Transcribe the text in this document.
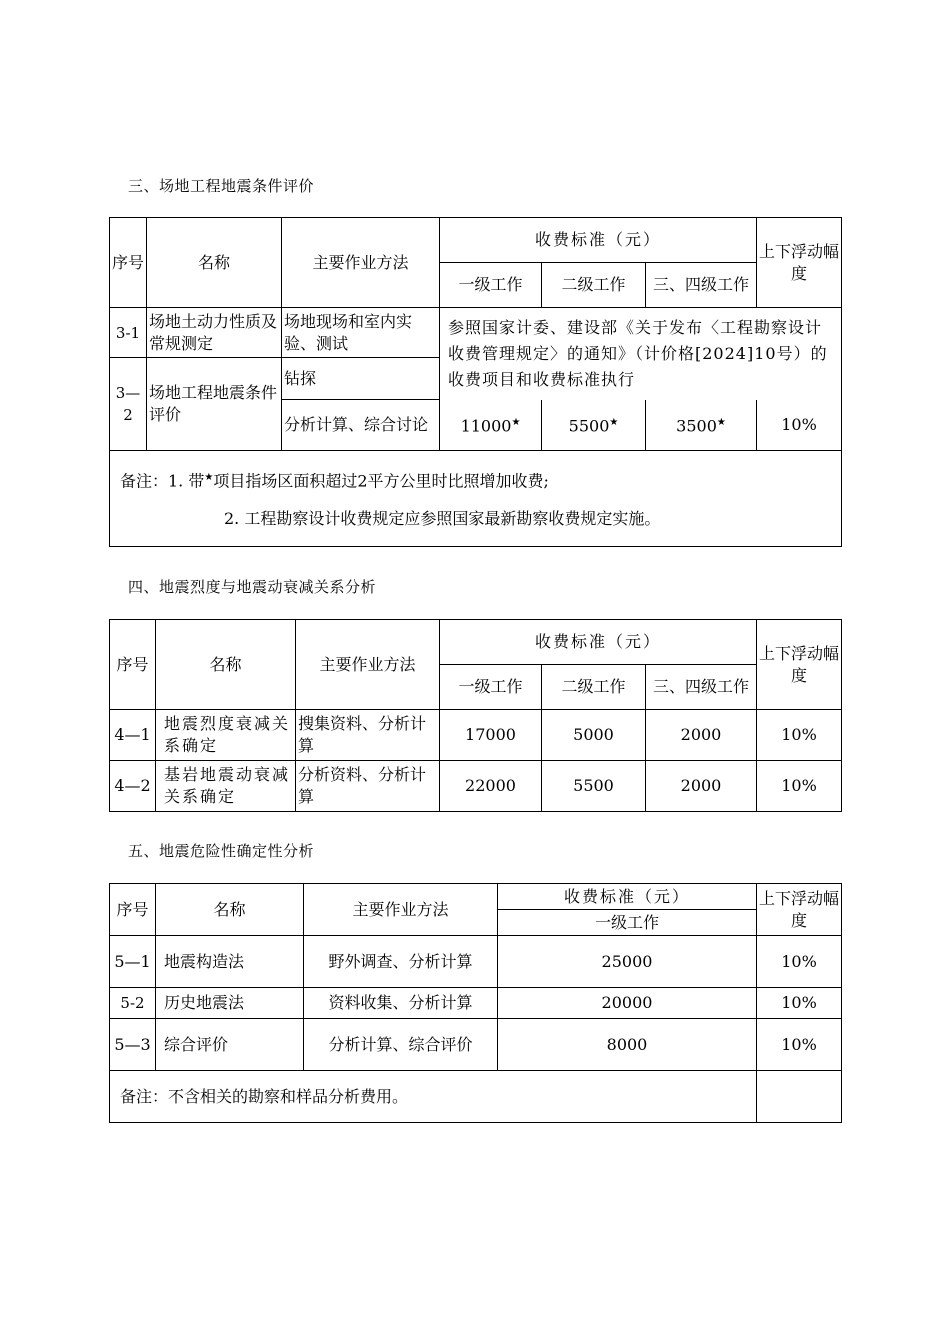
三、场地工程地震条件评价
序号	名称	主要作业方法	收费标准（元）			上下浮动幅度
			一级工作	二级工作	三、四级工作	
3-1	场地土动力性质及常规测定	场地现场和室内实验、测试	参照国家计委、建设部《关于发布〈工程勘察设计收费管理规定〉的通知》（计价格[2024]10号）的收费项目和收费标准执行			
3—2	场地工程地震条件评价	钻探				
		分析计算、综合讨论	11000★	5500★	3500★	10%

备注：1. 带★项目指场区面积超过2平方公里时比照增加收费;
2. 工程勘察设计收费规定应参照国家最新勘察收费规定实施。						
四、地震烈度与地震动衰减关系分析
序号	名称	主要作业方法	收费标准（元）			上下浮动幅度
			一级工作	二级工作	三、四级工作	
4—1	地震烈度衰减关系确定	搜集资料、分析计算	17000	5000	2000	10%
4—2	基岩地震动衰减关系确定	分析资料、分析计算	22000	5500	2000	10%
五、地震危险性确定性分析
序号	名称	主要作业方法	收费标准（元）	上下浮动幅度
			一级工作	
5—1	地震构造法	野外调查、分析计算	25000	10%
5-2	历史地震法	资料收集、分析计算	20000	10%
5—3	综合评价	分析计算、综合评价	8000	10%
备注：不含相关的勘察和样品分析费用。				
